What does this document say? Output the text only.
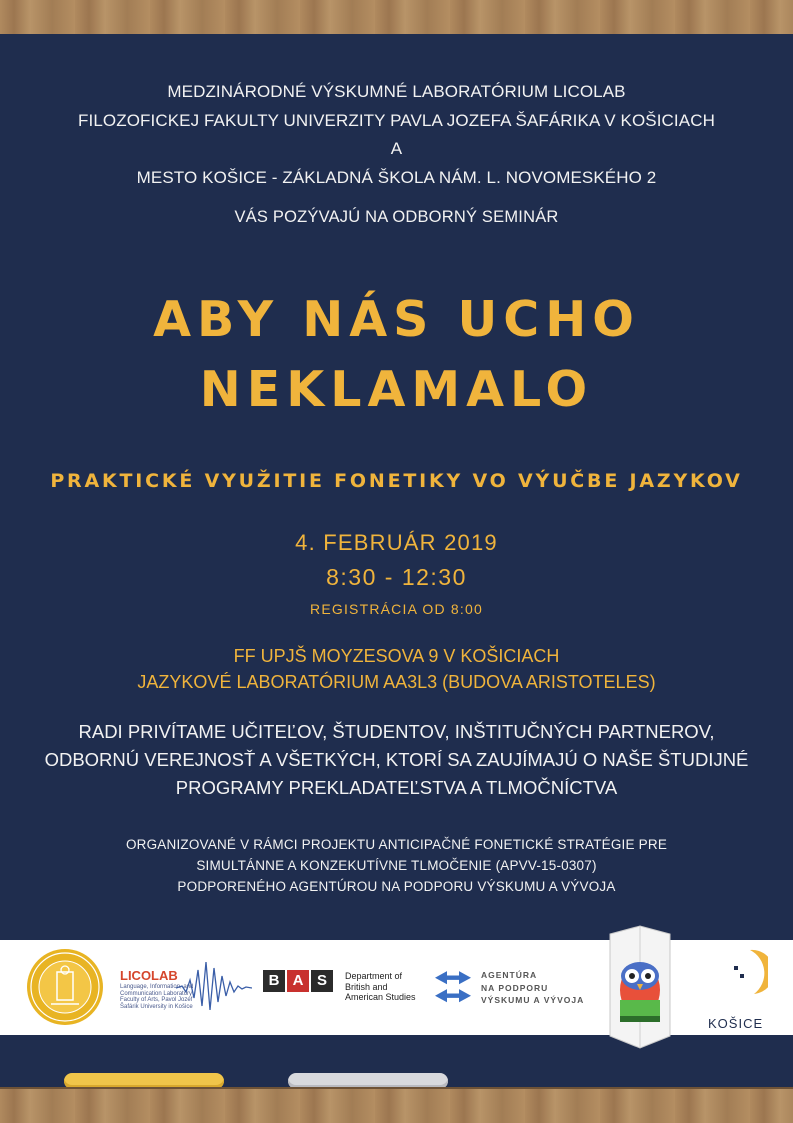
MEDZINÁRODNÉ VÝSKUMNÉ LABORATÓRIUM LICOLAB
FILOZOFICKEJ FAKULTY UNIVERZITY PAVLA JOZEFA ŠAFÁRIKA V KOŠICIACH
A
MESTO KOŠICE - ZÁKLADNÁ ŠKOLA NÁM. L. NOVOMESKÉHO 2
VÁS POZÝVAJÚ NA ODBORNÝ SEMINÁR
ABY NÁS UCHO
NEKLAMALO
PRAKTICKÉ VYUŽITIE FONETIKY VO VÝUČBE JAZYKOV
4. FEBRUÁR 2019
8:30 - 12:30
REGISTRÁCIA OD 8:00
FF UPJŠ MOYZESOVA 9 V KOŠICIACH
JAZYKOVÉ LABORATÓRIUM AA3L3 (BUDOVA ARISTOTELES)
RADI PRIVÍTAME UČITEĽOV, ŠTUDENTOV, INŠTITUČNÝCH PARTNEROV,
ODBORNÚ VEREJNOSŤ A VŠETKÝCH, KTORÍ SA ZAUJÍMAJÚ O NAŠE ŠTUDIJNÉ
PROGRAMY PREKLADATEĽSTVA A TLMOČNÍCTVA
ORGANIZOVANÉ V RÁMCI PROJEKTU ANTICIPAČNÉ FONETICKÉ STRATÉGIE PRE
SIMULTÁNNE A KONZEKUTÍVNE TLMOČENIE (APVV-15-0307)
PODPORENÉHO AGENTÚROU NA PODPORU VÝSKUMU A VÝVOJA
LICOLAB
Language, Information, and Communication Laboratory Faculty of Arts, Pavol Jozef Šafárik University in Košice
B A S Department of
British and
American Studies
AGENTÚRA
NA PODPORU
VÝSKUMU A VÝVOJA
KOŠICE
